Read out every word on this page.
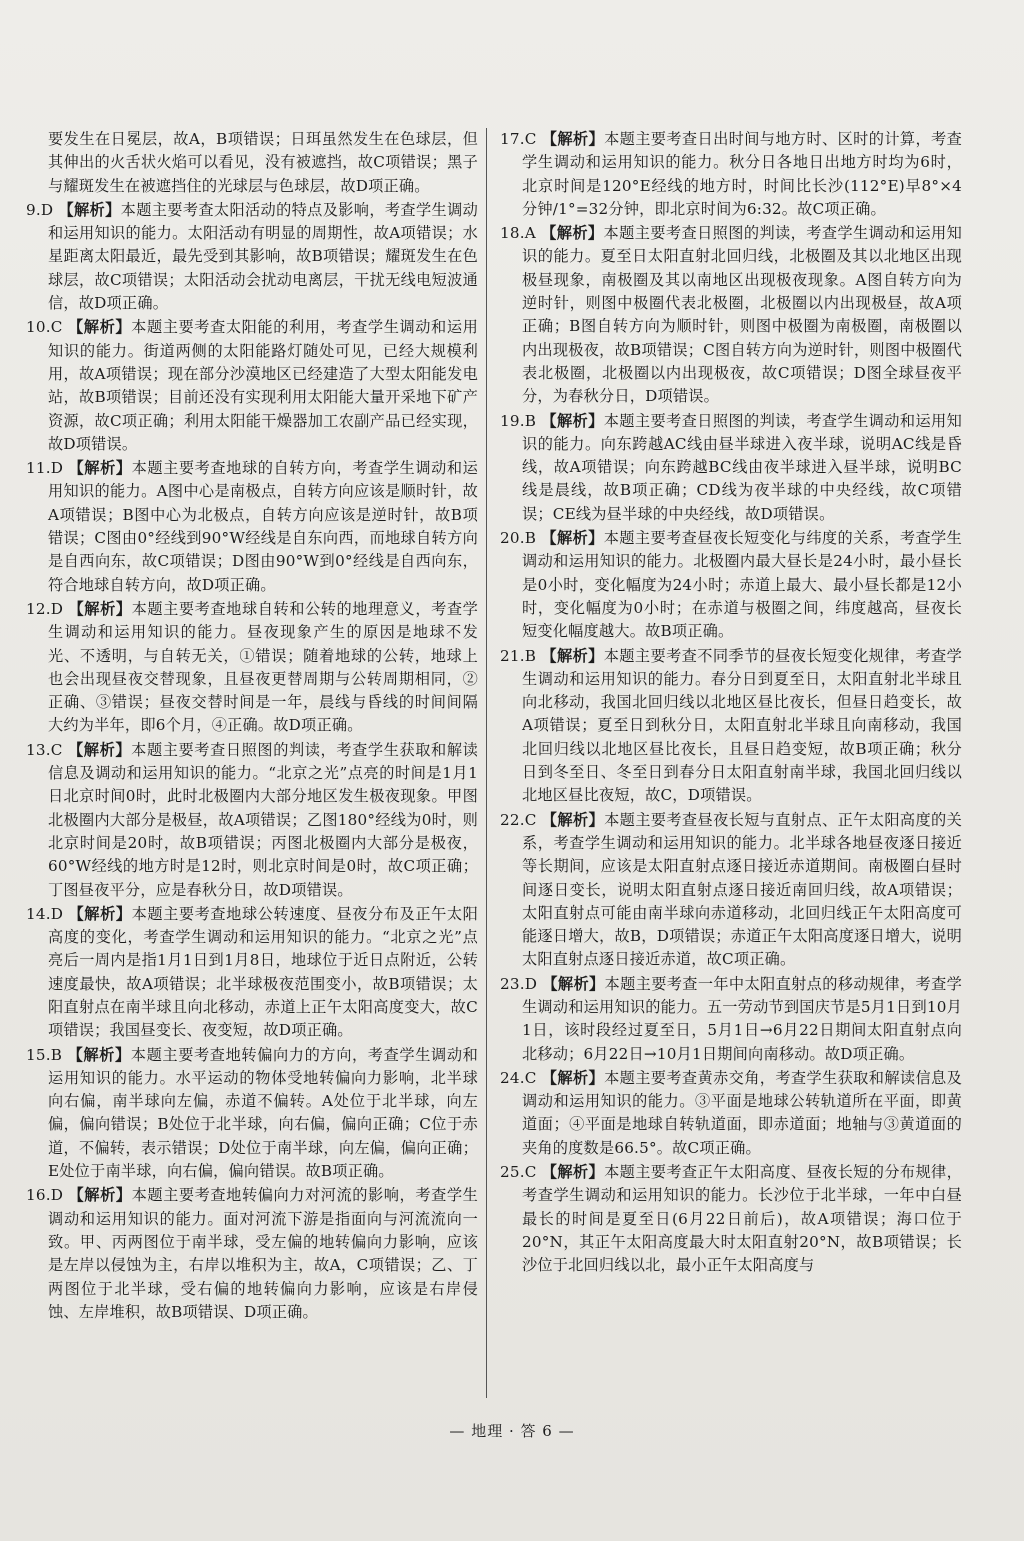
要发生在日冕层，故A，B项错误；日珥虽然发生在色球层，但其伸出的火舌状火焰可以看见，没有被遮挡，故C项错误；黑子与耀斑发生在被遮挡住的光球层与色球层，故D项正确。

9.D 【解析】本题主要考查太阳活动的特点及影响，考查学生调动和运用知识的能力。太阳活动有明显的周期性，故A项错误；水星距离太阳最近，最先受到其影响，故B项错误；耀斑发生在色球层，故C项错误；太阳活动会扰动电离层，干扰无线电短波通信，故D项正确。

10.C 【解析】本题主要考查太阳能的利用，考查学生调动和运用知识的能力。街道两侧的太阳能路灯随处可见，已经大规模利用，故A项错误；现在部分沙漠地区已经建造了大型太阳能发电站，故B项错误；目前还没有实现利用太阳能大量开采地下矿产资源，故C项正确；利用太阳能干燥器加工农副产品已经实现，故D项错误。

11.D 【解析】本题主要考查地球的自转方向，考查学生调动和运用知识的能力。A图中心是南极点，自转方向应该是顺时针，故A项错误；B图中心为北极点，自转方向应该是逆时针，故B项错误；C图由0°经线到90°W经线是自东向西，而地球自转方向是自西向东，故C项错误；D图由90°W到0°经线是自西向东，符合地球自转方向，故D项正确。

12.D 【解析】本题主要考查地球自转和公转的地理意义，考查学生调动和运用知识的能力。昼夜现象产生的原因是地球不发光、不透明，与自转无关，①错误；随着地球的公转，地球上也会出现昼夜交替现象，且昼夜更替周期与公转周期相同，②正确、③错误；昼夜交替时间是一年，晨线与昏线的时间间隔大约为半年，即6个月，④正确。故D项正确。

13.C 【解析】本题主要考查日照图的判读，考查学生获取和解读信息及调动和运用知识的能力。“北京之光”点亮的时间是1月1日北京时间0时，此时北极圈内大部分地区发生极夜现象。甲图北极圈内大部分是极昼，故A项错误；乙图180°经线为0时，则北京时间是20时，故B项错误；丙图北极圈内大部分是极夜，60°W经线的地方时是12时，则北京时间是0时，故C项正确；丁图昼夜平分，应是春秋分日，故D项错误。

14.D 【解析】本题主要考查地球公转速度、昼夜分布及正午太阳高度的变化，考查学生调动和运用知识的能力。“北京之光”点亮后一周内是指1月1日到1月8日，地球位于近日点附近，公转速度最快，故A项错误；北半球极夜范围变小，故B项错误；太阳直射点在南半球且向北移动，赤道上正午太阳高度变大，故C项错误；我国昼变长、夜变短，故D项正确。

15.B 【解析】本题主要考查地转偏向力的方向，考查学生调动和运用知识的能力。水平运动的物体受地转偏向力影响，北半球向右偏，南半球向左偏，赤道不偏转。A处位于北半球，向左偏，偏向错误；B处位于北半球，向右偏，偏向正确；C位于赤道，不偏转，表示错误；D处位于南半球，向左偏，偏向正确；E处位于南半球，向右偏，偏向错误。故B项正确。

16.D 【解析】本题主要考查地转偏向力对河流的影响，考查学生调动和运用知识的能力。面对河流下游是指面向与河流流向一致。甲、丙两图位于南半球，受左偏的地转偏向力影响，应该是左岸以侵蚀为主，右岸以堆积为主，故A，C项错误；乙、丁两图位于北半球，受右偏的地转偏向力影响，应该是右岸侵蚀、左岸堆积，故B项错误、D项正确。

17.C 【解析】本题主要考查日出时间与地方时、区时的计算，考查学生调动和运用知识的能力。秋分日各地日出地方时均为6时，北京时间是120°E经线的地方时，时间比长沙(112°E)早8°×4分钟/1°=32分钟，即北京时间为6:32。故C项正确。

18.A 【解析】本题主要考查日照图的判读，考查学生调动和运用知识的能力。夏至日太阳直射北回归线，北极圈及其以北地区出现极昼现象，南极圈及其以南地区出现极夜现象。A图自转方向为逆时针，则图中极圈代表北极圈，北极圈以内出现极昼，故A项正确；B图自转方向为顺时针，则图中极圈为南极圈，南极圈以内出现极夜，故B项错误；C图自转方向为逆时针，则图中极圈代表北极圈，北极圈以内出现极夜，故C项错误；D图全球昼夜平分，为春秋分日，D项错误。

19.B 【解析】本题主要考查日照图的判读，考查学生调动和运用知识的能力。向东跨越AC线由昼半球进入夜半球，说明AC线是昏线，故A项错误；向东跨越BC线由夜半球进入昼半球，说明BC线是晨线，故B项正确；CD线为夜半球的中央经线，故C项错误；CE线为昼半球的中央经线，故D项错误。

20.B 【解析】本题主要考查昼夜长短变化与纬度的关系，考查学生调动和运用知识的能力。北极圈内最大昼长是24小时，最小昼长是0小时，变化幅度为24小时；赤道上最大、最小昼长都是12小时，变化幅度为0小时；在赤道与极圈之间，纬度越高，昼夜长短变化幅度越大。故B项正确。

21.B 【解析】本题主要考查不同季节的昼夜长短变化规律，考查学生调动和运用知识的能力。春分日到夏至日，太阳直射北半球且向北移动，我国北回归线以北地区昼比夜长，但昼日趋变长，故A项错误；夏至日到秋分日，太阳直射北半球且向南移动，我国北回归线以北地区昼比夜长，且昼日趋变短，故B项正确；秋分日到冬至日、冬至日到春分日太阳直射南半球，我国北回归线以北地区昼比夜短，故C，D项错误。

22.C 【解析】本题主要考查昼夜长短与直射点、正午太阳高度的关系，考查学生调动和运用知识的能力。北半球各地昼夜逐日接近等长期间，应该是太阳直射点逐日接近赤道期间。南极圈白昼时间逐日变长，说明太阳直射点逐日接近南回归线，故A项错误；太阳直射点可能由南半球向赤道移动，北回归线正午太阳高度可能逐日增大，故B，D项错误；赤道正午太阳高度逐日增大，说明太阳直射点逐日接近赤道，故C项正确。

23.D 【解析】本题主要考查一年中太阳直射点的移动规律，考查学生调动和运用知识的能力。五一劳动节到国庆节是5月1日到10月1日，该时段经过夏至日，5月1日→6月22日期间太阳直射点向北移动；6月22日→10月1日期间向南移动。故D项正确。

24.C 【解析】本题主要考查黄赤交角，考查学生获取和解读信息及调动和运用知识的能力。③平面是地球公转轨道所在平面，即黄道面；④平面是地球自转轨道面，即赤道面；地轴与③黄道面的夹角的度数是66.5°。故C项正确。

25.C 【解析】本题主要考查正午太阳高度、昼夜长短的分布规律，考查学生调动和运用知识的能力。长沙位于北半球，一年中白昼最长的时间是夏至日(6月22日前后)，故A项错误；海口位于20°N，其正午太阳高度最大时太阳直射20°N，故B项错误；长沙位于北回归线以北，最小正午太阳高度与

— 地理 · 答 6 —
